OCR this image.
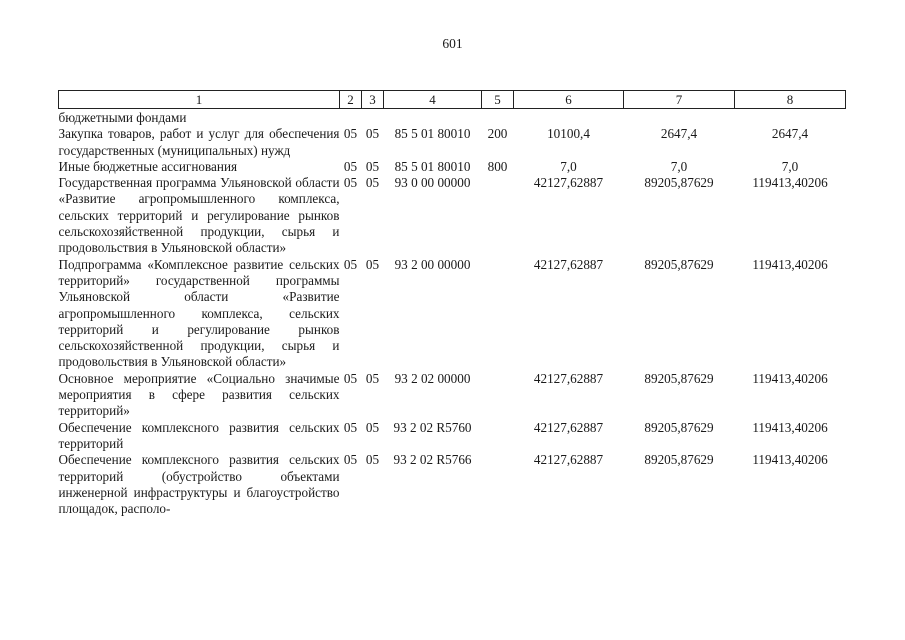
601
1	2	3	4	5	6	7	8
бюджетными фондами							
Закупка товаров, работ и услуг для обеспечения государственных (муниципальных) нужд	05	05	85 5 01 80010	200	10100,4	2647,4	2647,4
Иные бюджетные ассигнования	05	05	85 5 01 80010	800	7,0	7,0	7,0
Государственная программа Ульяновской области «Развитие агропромышленного комплекса, сельских территорий и регулирование рынков сельскохозяйственной продукции, сырья и продовольствия в Ульяновской области»	05	05	93 0 00 00000		42127,62887	89205,87629	119413,40206
Подпрограмма «Комплексное развитие сельских территорий» государственной программы Ульяновской области «Развитие агропромышленного комплекса, сельских территорий и регулирование рынков сельскохозяйственной продукции, сырья и продовольствия в Ульяновской области»	05	05	93 2 00 00000		42127,62887	89205,87629	119413,40206
Основное мероприятие «Социально значимые мероприятия в сфере развития сельских территорий»	05	05	93 2 02 00000		42127,62887	89205,87629	119413,40206
Обеспечение комплексного развития сельских территорий	05	05	93 2 02 R5760		42127,62887	89205,87629	119413,40206
Обеспечение комплексного развития сельских территорий (обустройство объектами инженерной инфраструктуры и благоустройство площадок, располо-	05	05	93 2 02 R5766		42127,62887	89205,87629	119413,40206
